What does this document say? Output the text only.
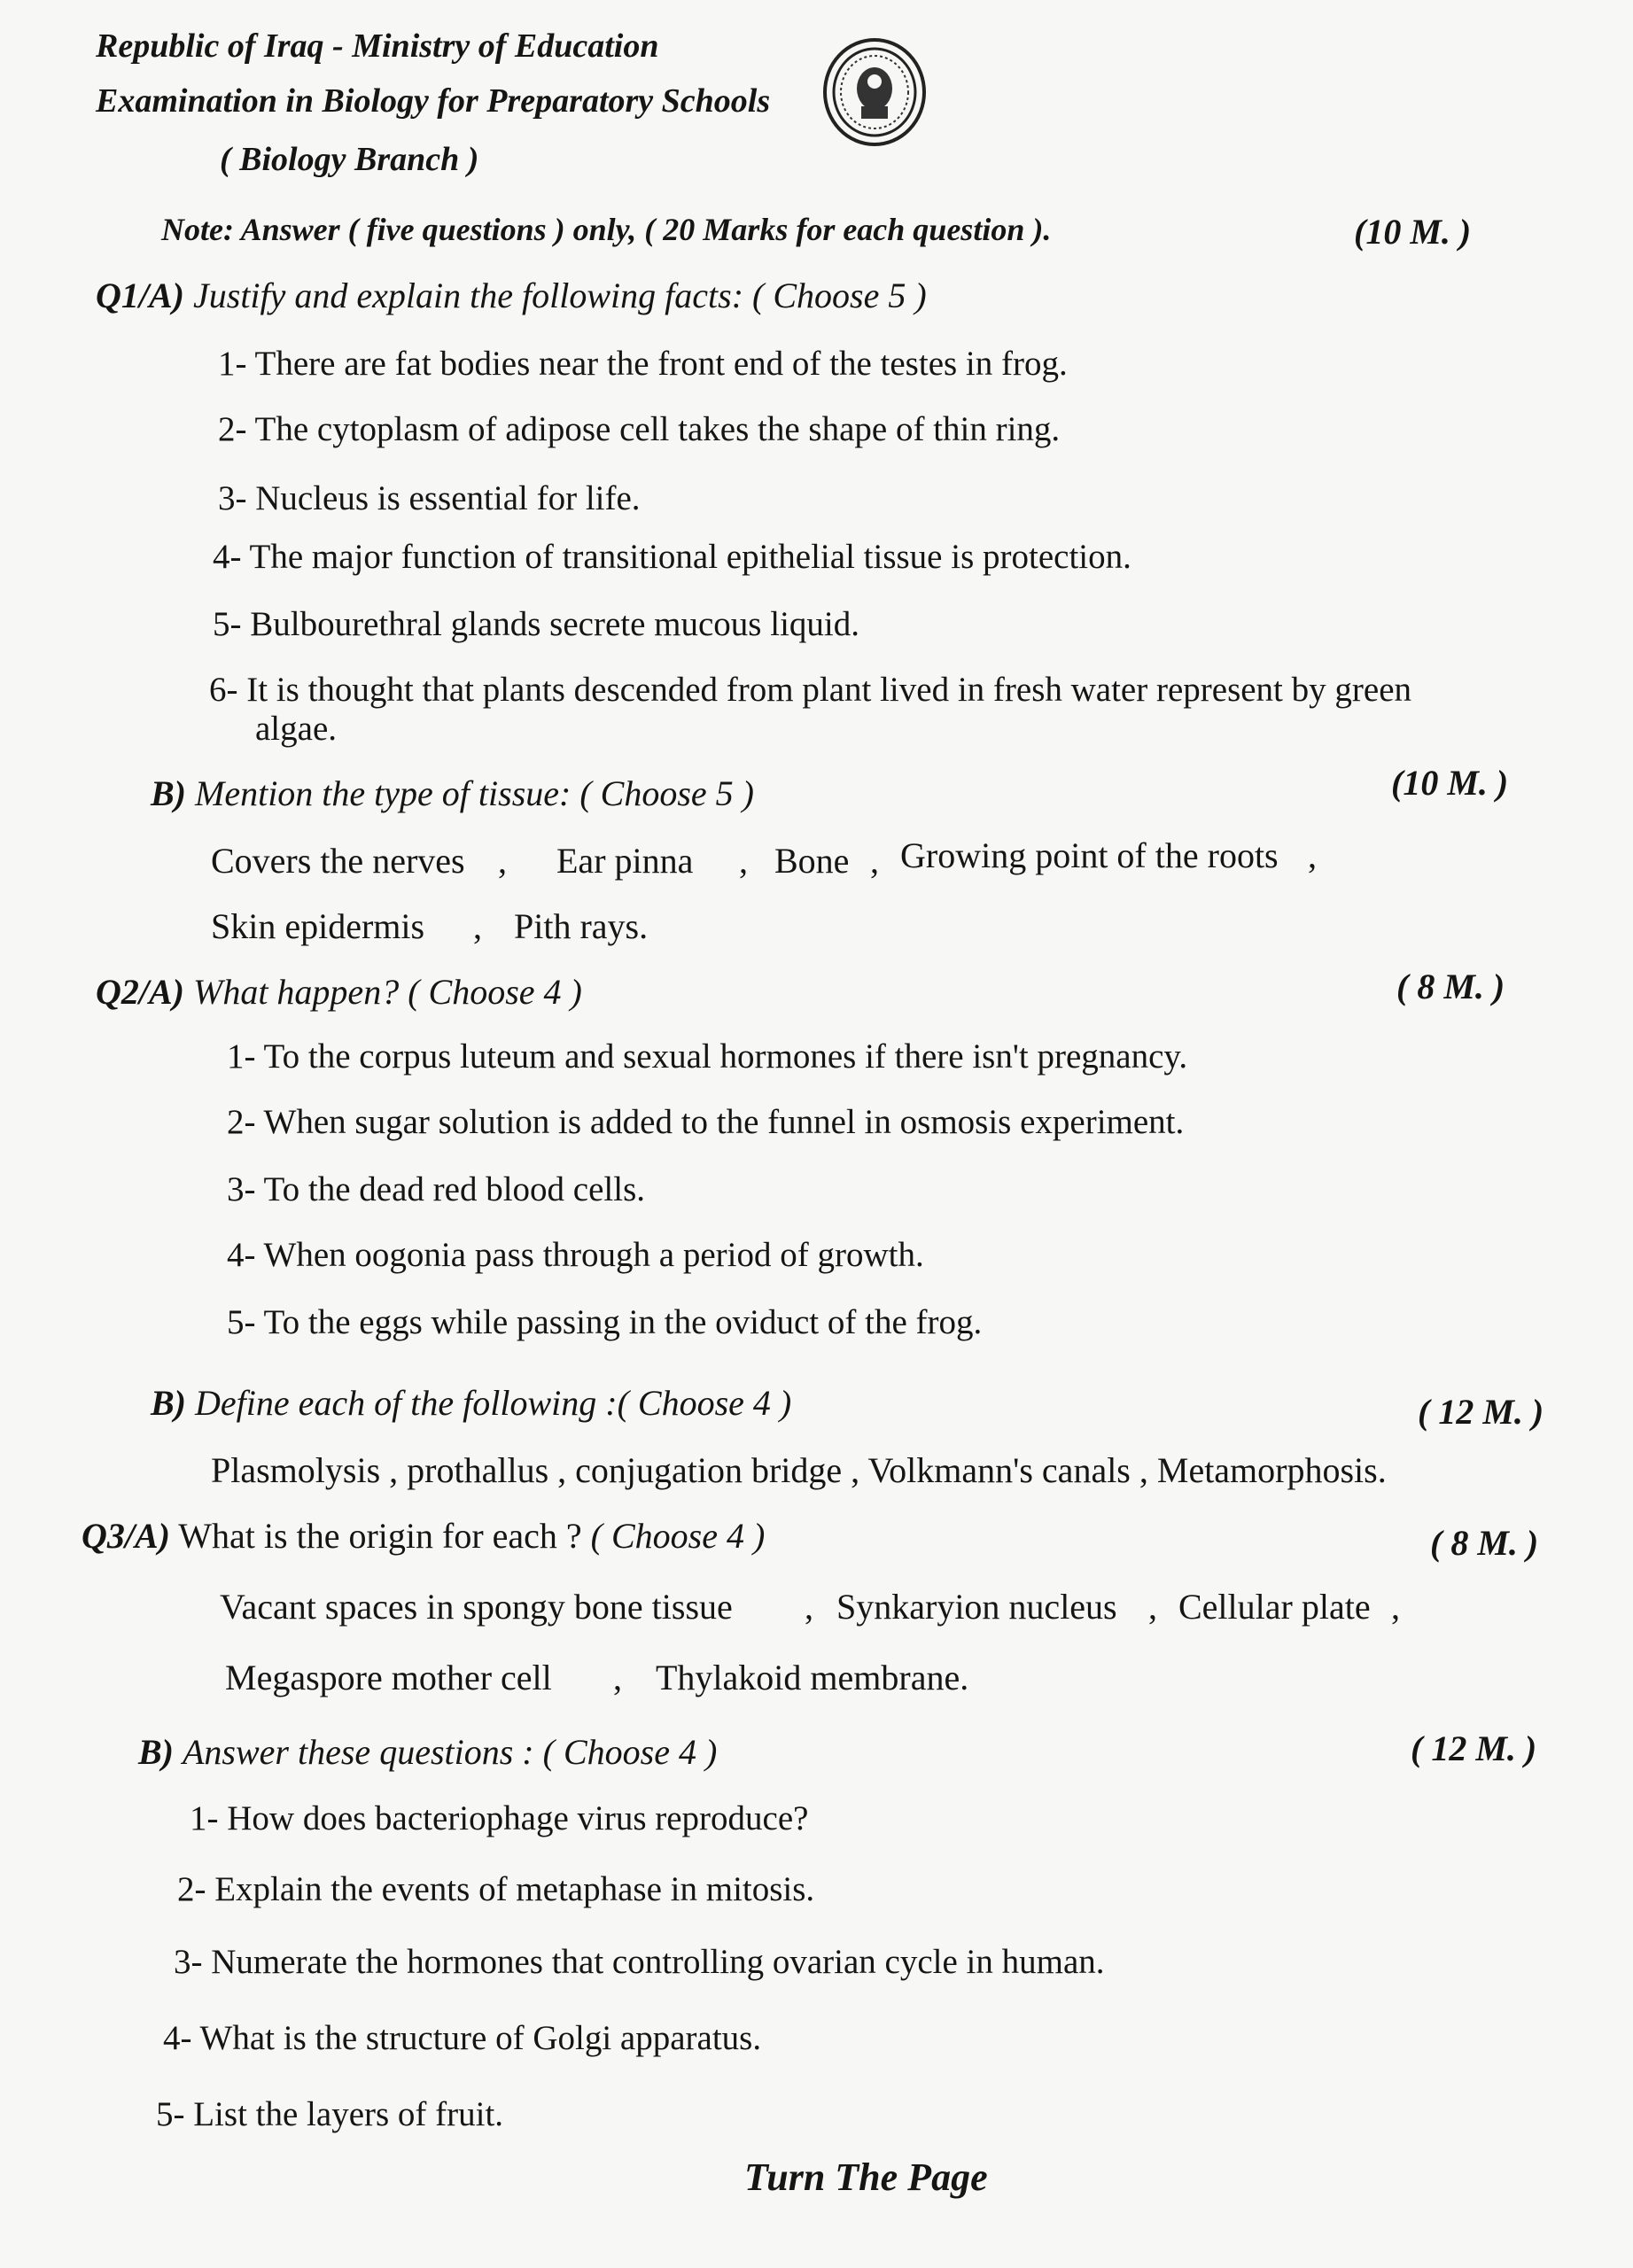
Republic of Iraq - Ministry of Education
Examination in Biology for Preparatory Schools
( Biology Branch )
Note: Answer ( five questions ) only, ( 20 Marks for each question ).	(10 M. )
Q1/A) Justify and explain the following facts: ( Choose 5 )
1- There are fat bodies near the front end of the testes in frog.
2- The cytoplasm of adipose cell takes the shape of thin ring.
3- Nucleus is essential for life.
4- The major function of transitional epithelial tissue is protection.
5- Bulbourethral glands secrete mucous liquid.
6- It is thought that plants descended from plant lived in fresh water represent by green
algae.
B) Mention the type of tissue: ( Choose 5 )	(10 M. )
Covers the nerves , Ear pinna , Bone , Growing point of the roots ,
Skin epidermis , Pith rays.
Q2/A) What happen? ( Choose 4 )	( 8 M. )
1- To the corpus luteum and sexual hormones if there isn't pregnancy.
2- When sugar solution is added to the funnel in osmosis experiment.
3- To the dead red blood cells.
4- When oogonia pass through a period of growth.
5- To the eggs while passing in the oviduct of the frog.
B) Define each of the following :( Choose 4 )	( 12 M. )
Plasmolysis , prothallus , conjugation bridge , Volkmann's canals , Metamorphosis.
Q3/A) What is the origin for each ? ( Choose 4 )	( 8 M. )
Vacant spaces in spongy bone tissue , Synkaryion nucleus , Cellular plate ,
Megaspore mother cell , Thylakoid membrane.
B) Answer these questions : ( Choose 4 )	( 12 M. )
1- How does bacteriophage virus reproduce?
2- Explain the events of metaphase in mitosis.
3- Numerate the hormones that controlling ovarian cycle in human.
4- What is the structure of Golgi apparatus.
5- List the layers of fruit.
Turn The Page
